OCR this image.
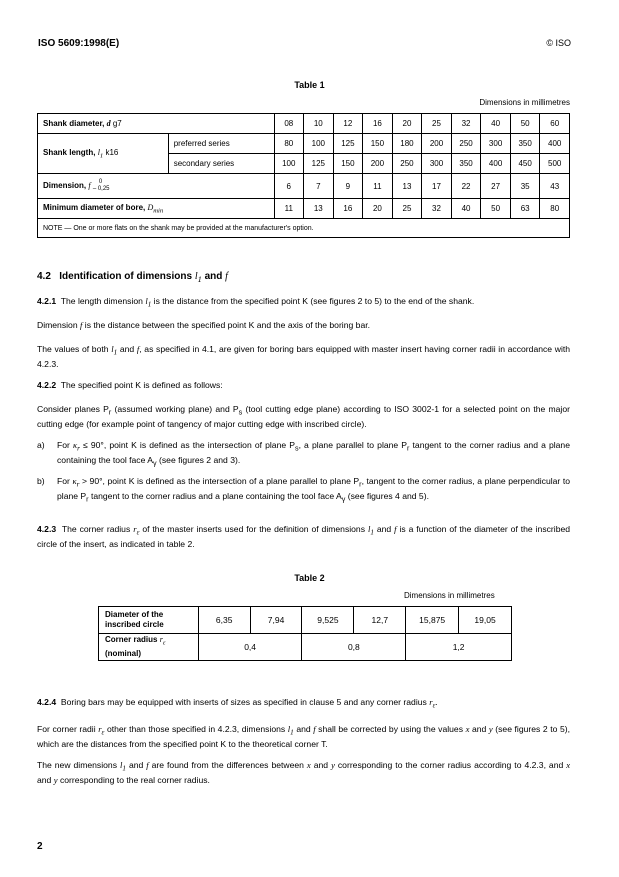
ISO 5609:1998(E)	© ISO
Table 1
Dimensions in millimetres
Shank diameter, d g7		08	10	12	16	20	25	32	40	50	60
Shank length, $l_1$ k16	preferred series	80	100	125	150	180	200	250	300	350	400
	secondary series	100	125	150	200	250	300	350	400	450	500
Dimension, f 0
– 0,25		6	7	9	11	13	17	22	27	35	43
Minimum diameter of bore, $D_{min}$		11	13	16	20	25	32	40	50	63	80
NOTE — One or more flats on the shank may be provided at the manufacturer's option.											
4.2 Identification of dimensions $l_1$ and f

4.2.1 The length dimension $l_1$ is the distance from the specified point K (see figures 2 to 5) to the end of the shank.

Dimension f is the distance between the specified point K and the axis of the boring bar.

The values of both $l_1$ and f, as specified in 4.1, are given for boring bars equipped with master insert having corner radii in accordance with 4.2.3.

4.2.2 The specified point K is defined as follows:

Consider planes $P_r$ (assumed working plane) and $P_s$ (tool cutting edge plane) according to ISO 3002-1 for a selected point on the major cutting edge (for example point of tangency of major cutting edge with inscribed circle).

a) For $\kappa_r \le 90^\circ$, point K is defined as the intersection of plane $P_s$, a plane parallel to plane $P_r$ tangent to the corner radius and a plane containing the tool face $A_\gamma$ (see figures 2 and 3).

b) For $\kappa_r > 90^\circ$, point K is defined as the intersection of a plane parallel to plane $P_r$, tangent to the corner radius, a plane perpendicular to plane $P_r$ tangent to the corner radius and a plane containing the tool face $A_\gamma$ (see figures 4 and 5).

4.2.3 The corner radius $r_\varepsilon$ of the master inserts used for the definition of dimensions $l_1$ and f is a function of the diameter of the inscribed circle of the insert, as indicated in table 2.

Table 2
Dimensions in millimetres
Diameter of the inscribed circle	6,35	7,94	9,525	12,7	15,875	19,05
Corner radius $r_\varepsilon$
(nominal)	0,4		0,8		1,2	

4.2.4 Boring bars may be equipped with inserts of sizes as specified in clause 5 and any corner radius $r_\varepsilon$.

For corner radii $r_\varepsilon$ other than those specified in 4.2.3, dimensions $l_1$ and f shall be corrected by using the values x and y (see figures 2 to 5), which are the distances from the specified point K to the theoretical corner T.

The new dimensions $l_1$ and f are found from the differences between x and y corresponding to the corner radius according to 4.2.3, and x and y corresponding to the real corner radius.

2
